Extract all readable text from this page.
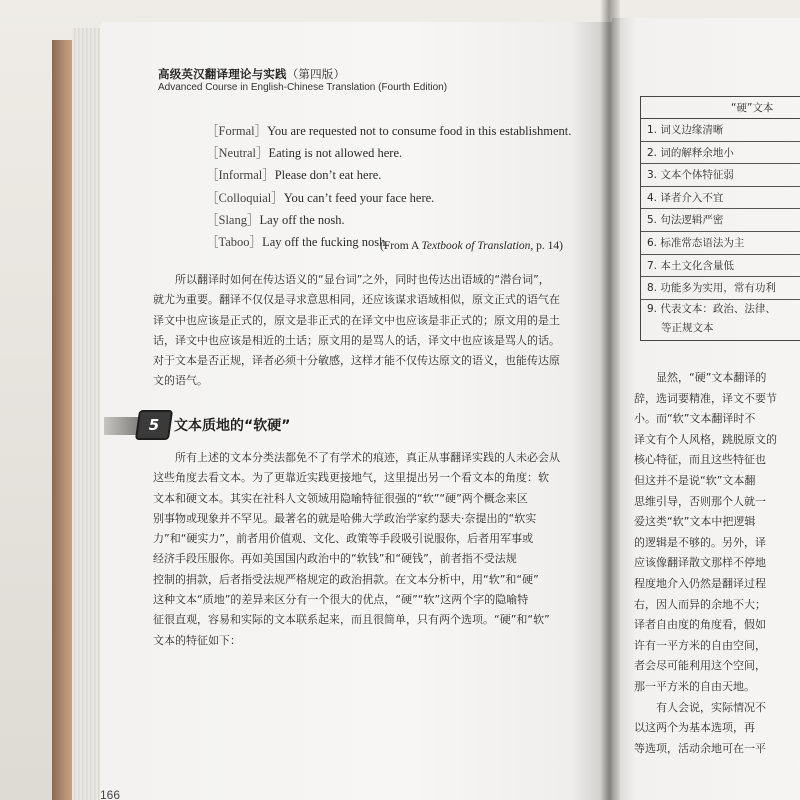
高级英汉翻译理论与实践（第四版）
Advanced Course in English-Chinese Translation (Fourth Edition)
［Formal］You are requested not to consume food in this establishment.
［Neutral］Eating is not allowed here.
［Informal］Please don’t eat here.
［Colloquial］You can’t feed your face here.
［Slang］Lay off the nosh.
［Taboo］Lay off the fucking nosh.
(From A Textbook of Translation, p. 14)
所以翻译时如何在传达语义的“显台词”之外，同时也传达出语域的“潜台词”，
就尤为重要。翻译不仅仅是寻求意思相同，还应该谋求语域相似，原文正式的语气在
译文中也应该是正式的，原文是非正式的在译文中也应该是非正式的；原文用的是土
话，译文中也应该是相近的土话；原文用的是骂人的话，译文中也应该是骂人的话。
对于文本是否正规，译者必须十分敏感，这样才能不仅传达原文的语义，也能传达原
文的语气。
5	文本质地的“软硬”
所有上述的文本分类法都免不了有学术的痕迹，真正从事翻译实践的人未必会从
这些角度去看文本。为了更靠近实践更接地气，这里提出另一个看文本的角度：软
文本和硬文本。其实在社科人文领域用隐喻特征很强的“软”“硬”两个概念来区
别事物或现象并不罕见。最著名的就是哈佛大学政治学家约瑟夫·奈提出的“软实
力”和“硬实力”，前者用价值观、文化、政策等手段吸引说服你，后者用军事或
经济手段压服你。再如美国国内政治中的“软钱”和“硬钱”，前者指不受法规
控制的捐款，后者指受法规严格规定的政治捐款。在文本分析中，用“软”和“硬”
这种文本“质地”的差异来区分有一个很大的优点，“硬”“软”这两个字的隐喻特
征很直观，容易和实际的文本联系起来，而且很简单，只有两个选项。“硬”和“软”
文本的特征如下：
166
“硬”文本
1. 词义边缘清晰
2. 词的解释余地小
3. 文本个体特征弱
4. 译者介入不宜
5. 句法逻辑严密
6. 标准常态语法为主
7. 本土文化含量低
8. 功能多为实用，常有功利
9. 代表文本：政治、法律、
等正规文本
显然，“硬”文本翻译的
辞，选词要精准，译文不要节
小。而“软”文本翻译时不
译文有个人风格，跳脱原文的
核心特征，而且这些特征也
但这并不是说“软”文本翻
思维引导，否则那个人就一
爱这类“软”文本中把逻辑
的逻辑是不够的。另外，译
应该像翻译散文那样不停地
程度地介入仍然是翻译过程
右，因人而异的余地不大；
译者自由度的角度看，假如
许有一平方米的自由空间，
者会尽可能利用这个空间，
那一平方米的自由天地。
有人会说，实际情况不
以这两个为基本选项，再
等选项，活动余地可在一平
